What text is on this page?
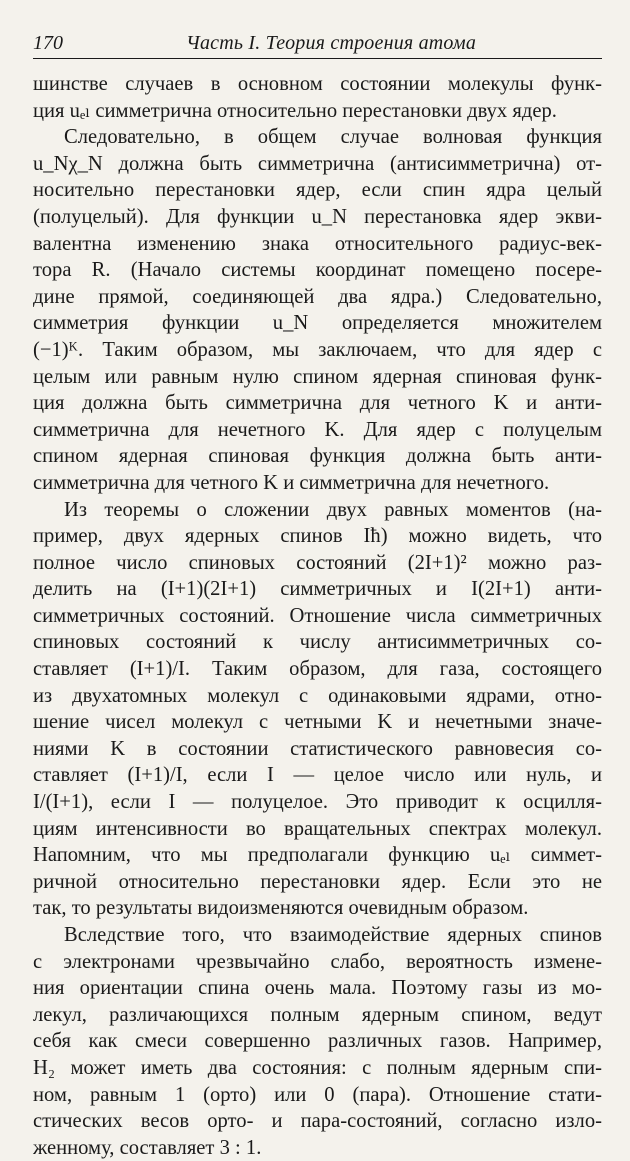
170	Часть I. Теория строения атома
шинстве случаев в основном состоянии молекулы функ-
ция uₑₗ симметрична относительно перестановки двух ядер.
Следовательно, в общем случае волновая функция
u_Nχ_N должна быть симметрична (антисимметрична) от-
носительно перестановки ядер, если спин ядра целый
(полуцелый). Для функции u_N перестановка ядер экви-
валентна изменению знака относительного радиус-век-
тора R. (Начало системы координат помещено посере-
дине прямой, соединяющей два ядра.) Следовательно,
симметрия функции u_N определяется множителем
(−1)ᴷ. Таким образом, мы заключаем, что для ядер с
целым или равным нулю спином ядерная спиновая функ-
ция должна быть симметрична для четного K и анти-
симметрична для нечетного K. Для ядер с полуцелым
спином ядерная спиновая функция должна быть анти-
симметрична для четного K и симметрична для нечетного.
Из теоремы о сложении двух равных моментов (на-
пример, двух ядерных спинов Iħ) можно видеть, что
полное число спиновых состояний (2I+1)² можно раз-
делить на (I+1)(2I+1) симметричных и I(2I+1) анти-
симметричных состояний. Отношение числа симметричных
спиновых состояний к числу антисимметричных со-
ставляет (I+1)/I. Таким образом, для газа, состоящего
из двухатомных молекул с одинаковыми ядрами, отно-
шение чисел молекул с четными K и нечетными значе-
ниями K в состоянии статистического равновесия со-
ставляет (I+1)/I, если I — целое число или нуль, и
I/(I+1), если I — полуцелое. Это приводит к осцилля-
циям интенсивности во вращательных спектрах молекул.
Напомним, что мы предполагали функцию uₑₗ симмет-
ричной относительно перестановки ядер. Если это не
так, то результаты видоизменяются очевидным образом.
Вследствие того, что взаимодействие ядерных спинов
с электронами чрезвычайно слабо, вероятность измене-
ния ориентации спина очень мала. Поэтому газы из мо-
лекул, различающихся полным ядерным спином, ведут
себя как смеси совершенно различных газов. Например,
H₂ может иметь два состояния: с полным ядерным спи-
ном, равным 1 (орто) или 0 (пара). Отношение стати-
стических весов орто- и пара-состояний, согласно изло-
женному, составляет 3 : 1.
